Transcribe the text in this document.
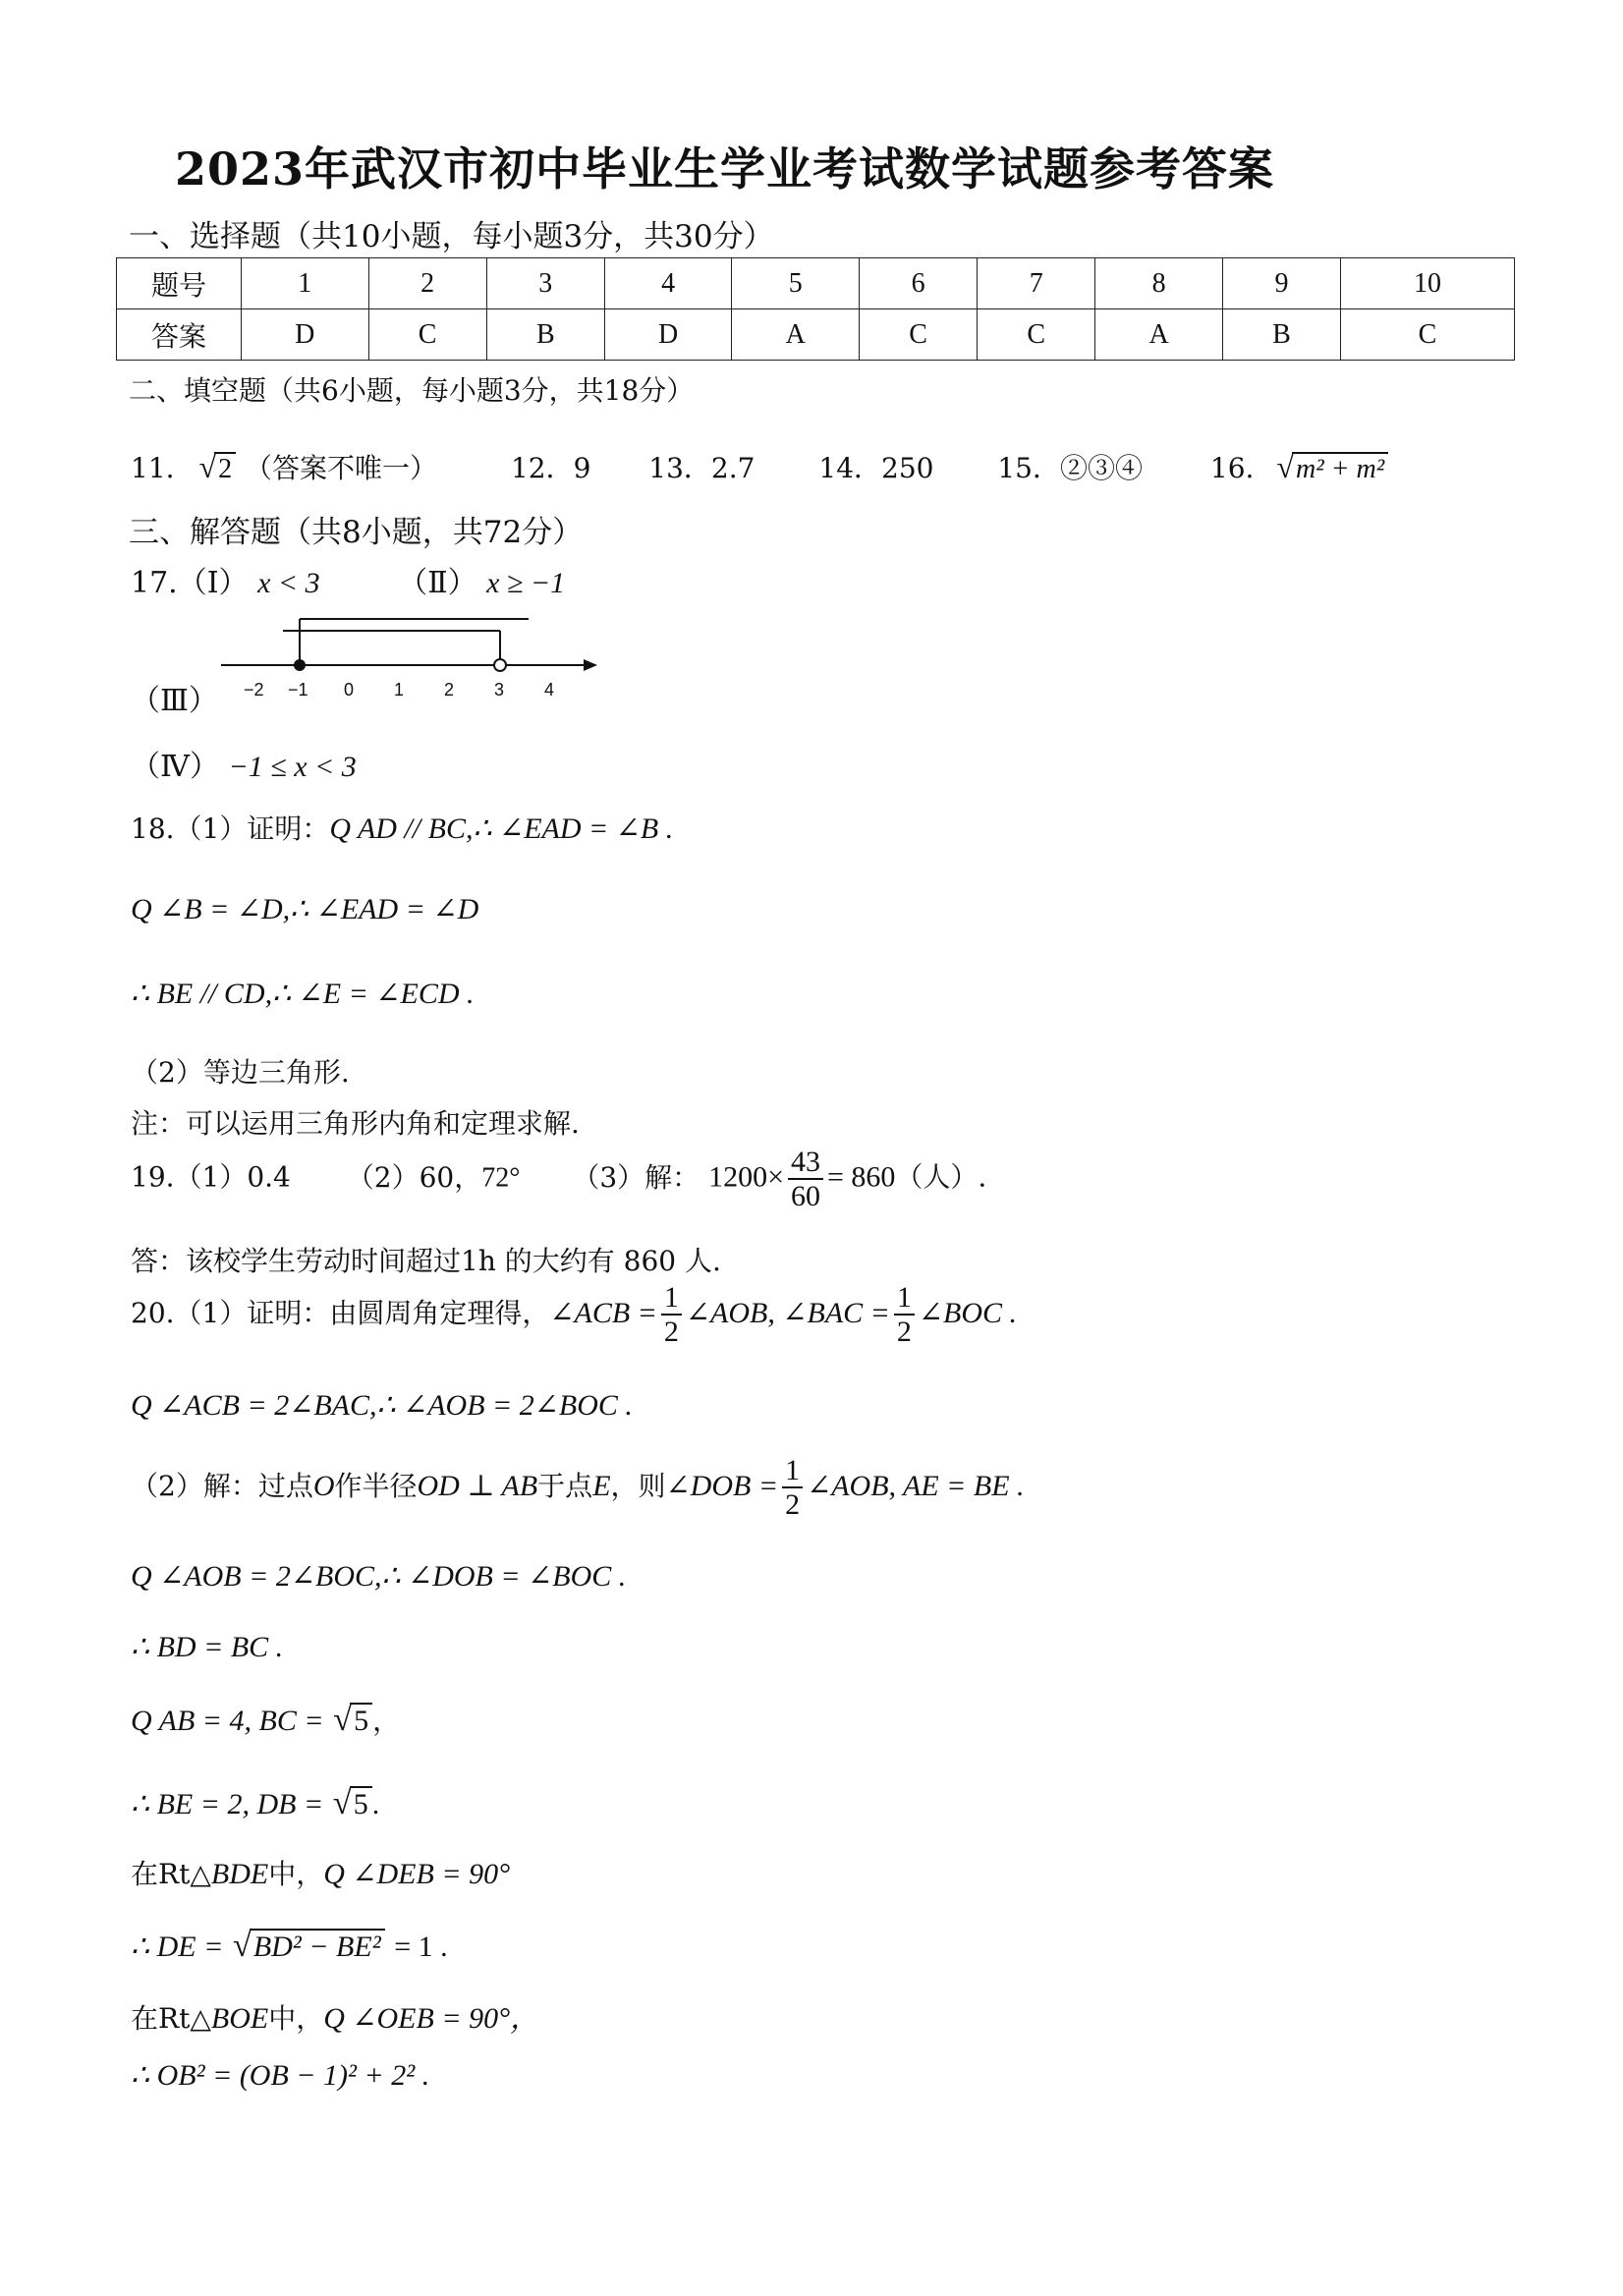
2023年武汉市初中毕业生学业考试数学试题参考答案
一、选择题（共10小题，每小题3分，共30分）
题号	1	2	3	4	5	6	7	8	9	10
答案	D	C	B	D	A	C	C	A	B	C
二、填空题（共6小题，每小题3分，共18分）
11. √2 （答案不唯一）	12．9 13．2.7 14．250 15．②③④ 16. √m² + m²
三、解答题（共8小题，共72分）
17.（Ⅰ） x < 3	（Ⅱ） x ≥ −1
（Ⅲ） −2 −1 0 1 2 3 4
（Ⅳ） −1 ≤ x < 3
18.（1）证明：Q AD // BC,∴ ∠EAD = ∠B .
Q ∠B = ∠D,∴ ∠EAD = ∠D
∴ BE // CD,∴ ∠E = ∠ECD .
（2）等边三角形.
注：可以运用三角形内角和定理求解.
19.（1）0.4 （2）60，72° （3）解： $1200\times \frac{43}{60} = 860$（人）.
答：该校学生劳动时间超过1h 的大约有 860 人.
20.（1）证明：由圆周角定理得，∠ACB = $\frac{1}{2}$ ∠AOB, ∠BAC = $\frac{1}{2}$ ∠BOC .
Q ∠ACB = 2∠BAC,∴ ∠AOB = 2∠BOC .
（2）解：过点O作半径OD ⊥ AB于点E，则∠DOB = $\frac{1}{2}$ ∠AOB, AE = BE .
Q ∠AOB = 2∠BOC,∴ ∠DOB = ∠BOC .
∴ BD = BC .
Q AB = 4, BC = √5 ，
∴ BE = 2, DB = √5 .
在Rt△BDE中，Q ∠DEB = 90°
∴ DE = √BD² − BE² = 1 .
在Rt△BOE中，Q ∠OEB = 90°，
∴ OB² = (OB − 1)² + 2² .
